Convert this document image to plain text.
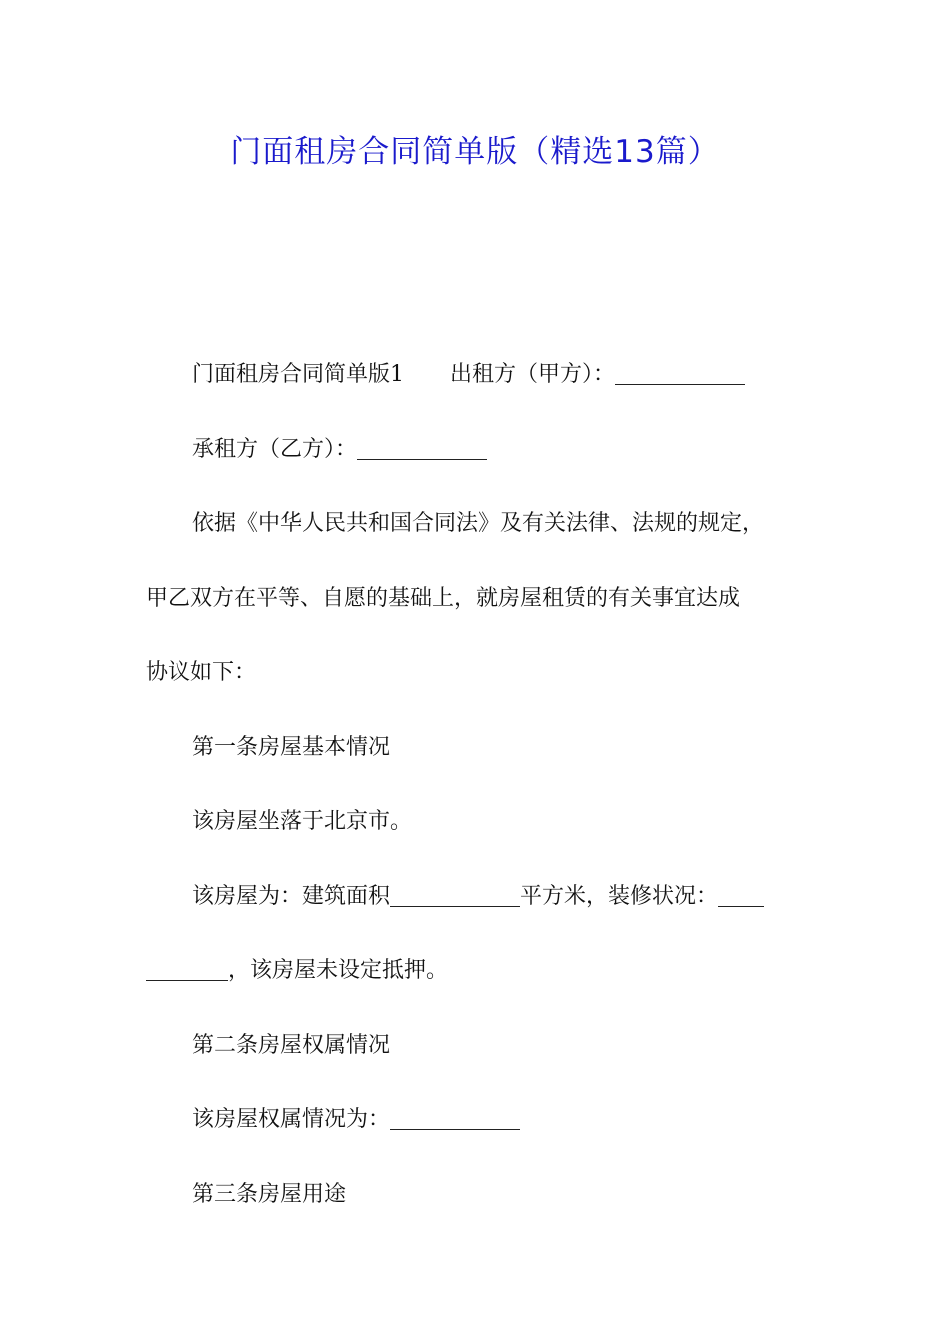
门面租房合同简单版（精选13篇）

门面租房合同简单版1 出租方（甲方）：

承租方（乙方）：

依据《中华人民共和国合同法》及有关法律、法规的规定，

甲乙双方在平等、自愿的基础上，就房屋租赁的有关事宜达成

协议如下：

第一条房屋基本情况

该房屋坐落于北京市。

该房屋为：建筑面积	平方米，装修状况：

，该房屋未设定抵押。

第二条房屋权属情况

该房屋权属情况为：

第三条房屋用途
